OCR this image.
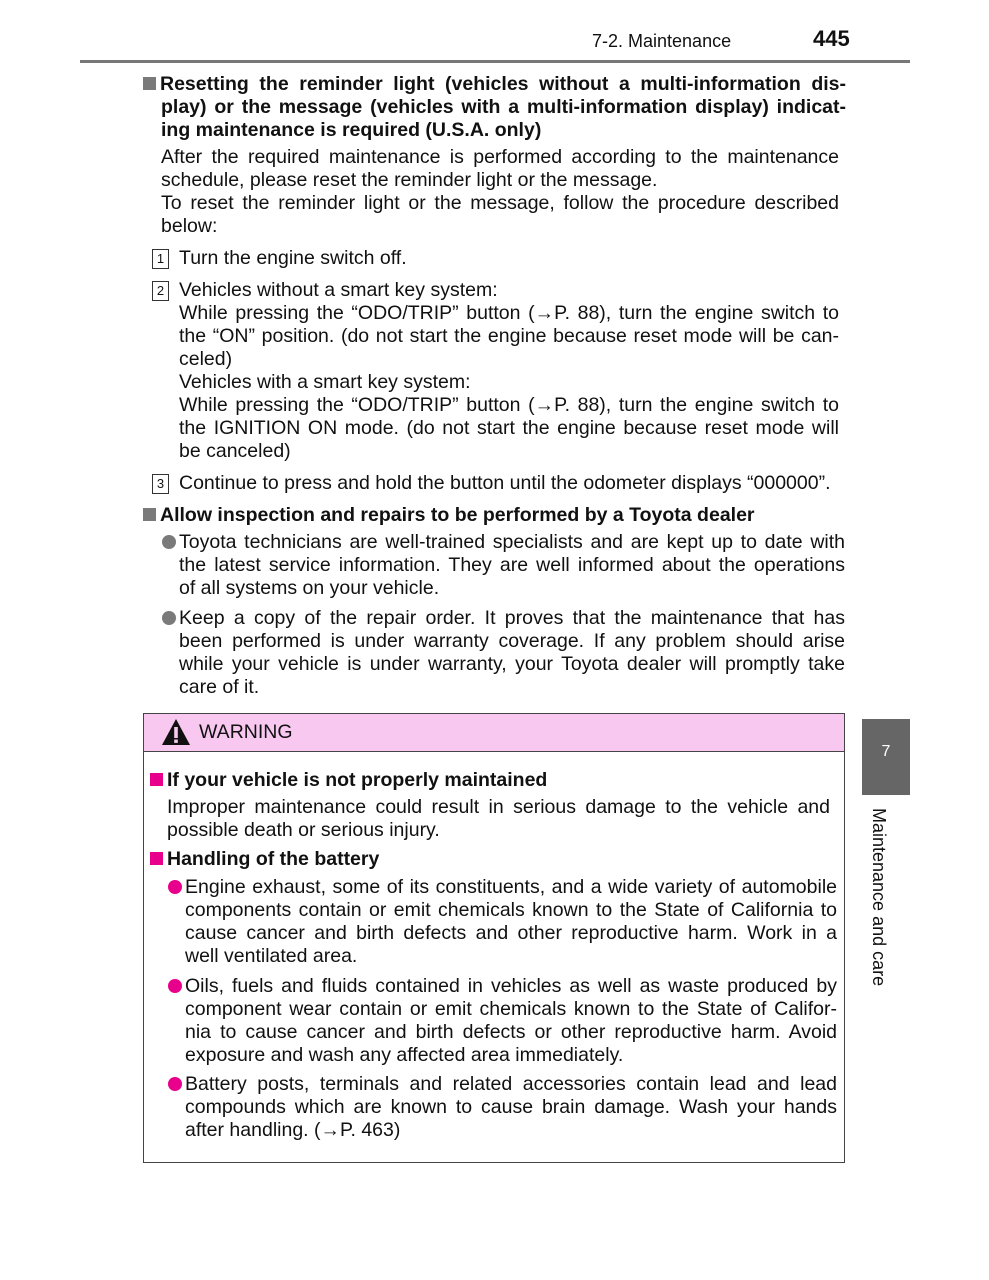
7-2. Maintenance	445
Resetting the reminder light (vehicles without a multi-information dis-
play) or the message (vehicles with a multi-information display) indicat-
ing maintenance is required (U.S.A. only)
After the required maintenance is performed according to the maintenance
schedule, please reset the reminder light or the message.
To reset the reminder light or the message, follow the procedure described
below:
1 Turn the engine switch off.
2 Vehicles without a smart key system:
While pressing the “ODO/TRIP” button (→P. 88), turn the engine switch to
the “ON” position. (do not start the engine because reset mode will be can-
celed)
Vehicles with a smart key system:
While pressing the “ODO/TRIP” button (→P. 88), turn the engine switch to
the IGNITION ON mode. (do not start the engine because reset mode will
be canceled)
3 Continue to press and hold the button until the odometer displays “000000”.
Allow inspection and repairs to be performed by a Toyota dealer
Toyota technicians are well-trained specialists and are kept up to date with
the latest service information. They are well informed about the operations
of all systems on your vehicle.
Keep a copy of the repair order. It proves that the maintenance that has
been performed is under warranty coverage. If any problem should arise
while your vehicle is under warranty, your Toyota dealer will promptly take
care of it.
WARNING
If your vehicle is not properly maintained
Improper maintenance could result in serious damage to the vehicle and
possible death or serious injury.
Handling of the battery
Engine exhaust, some of its constituents, and a wide variety of automobile
components contain or emit chemicals known to the State of California to
cause cancer and birth defects and other reproductive harm. Work in a
well ventilated area.
Oils, fuels and fluids contained in vehicles as well as waste produced by
component wear contain or emit chemicals known to the State of Califor-
nia to cause cancer and birth defects or other reproductive harm. Avoid
exposure and wash any affected area immediately.
Battery posts, terminals and related accessories contain lead and lead
compounds which are known to cause brain damage. Wash your hands
after handling. (→P. 463)
7
Maintenance and care
